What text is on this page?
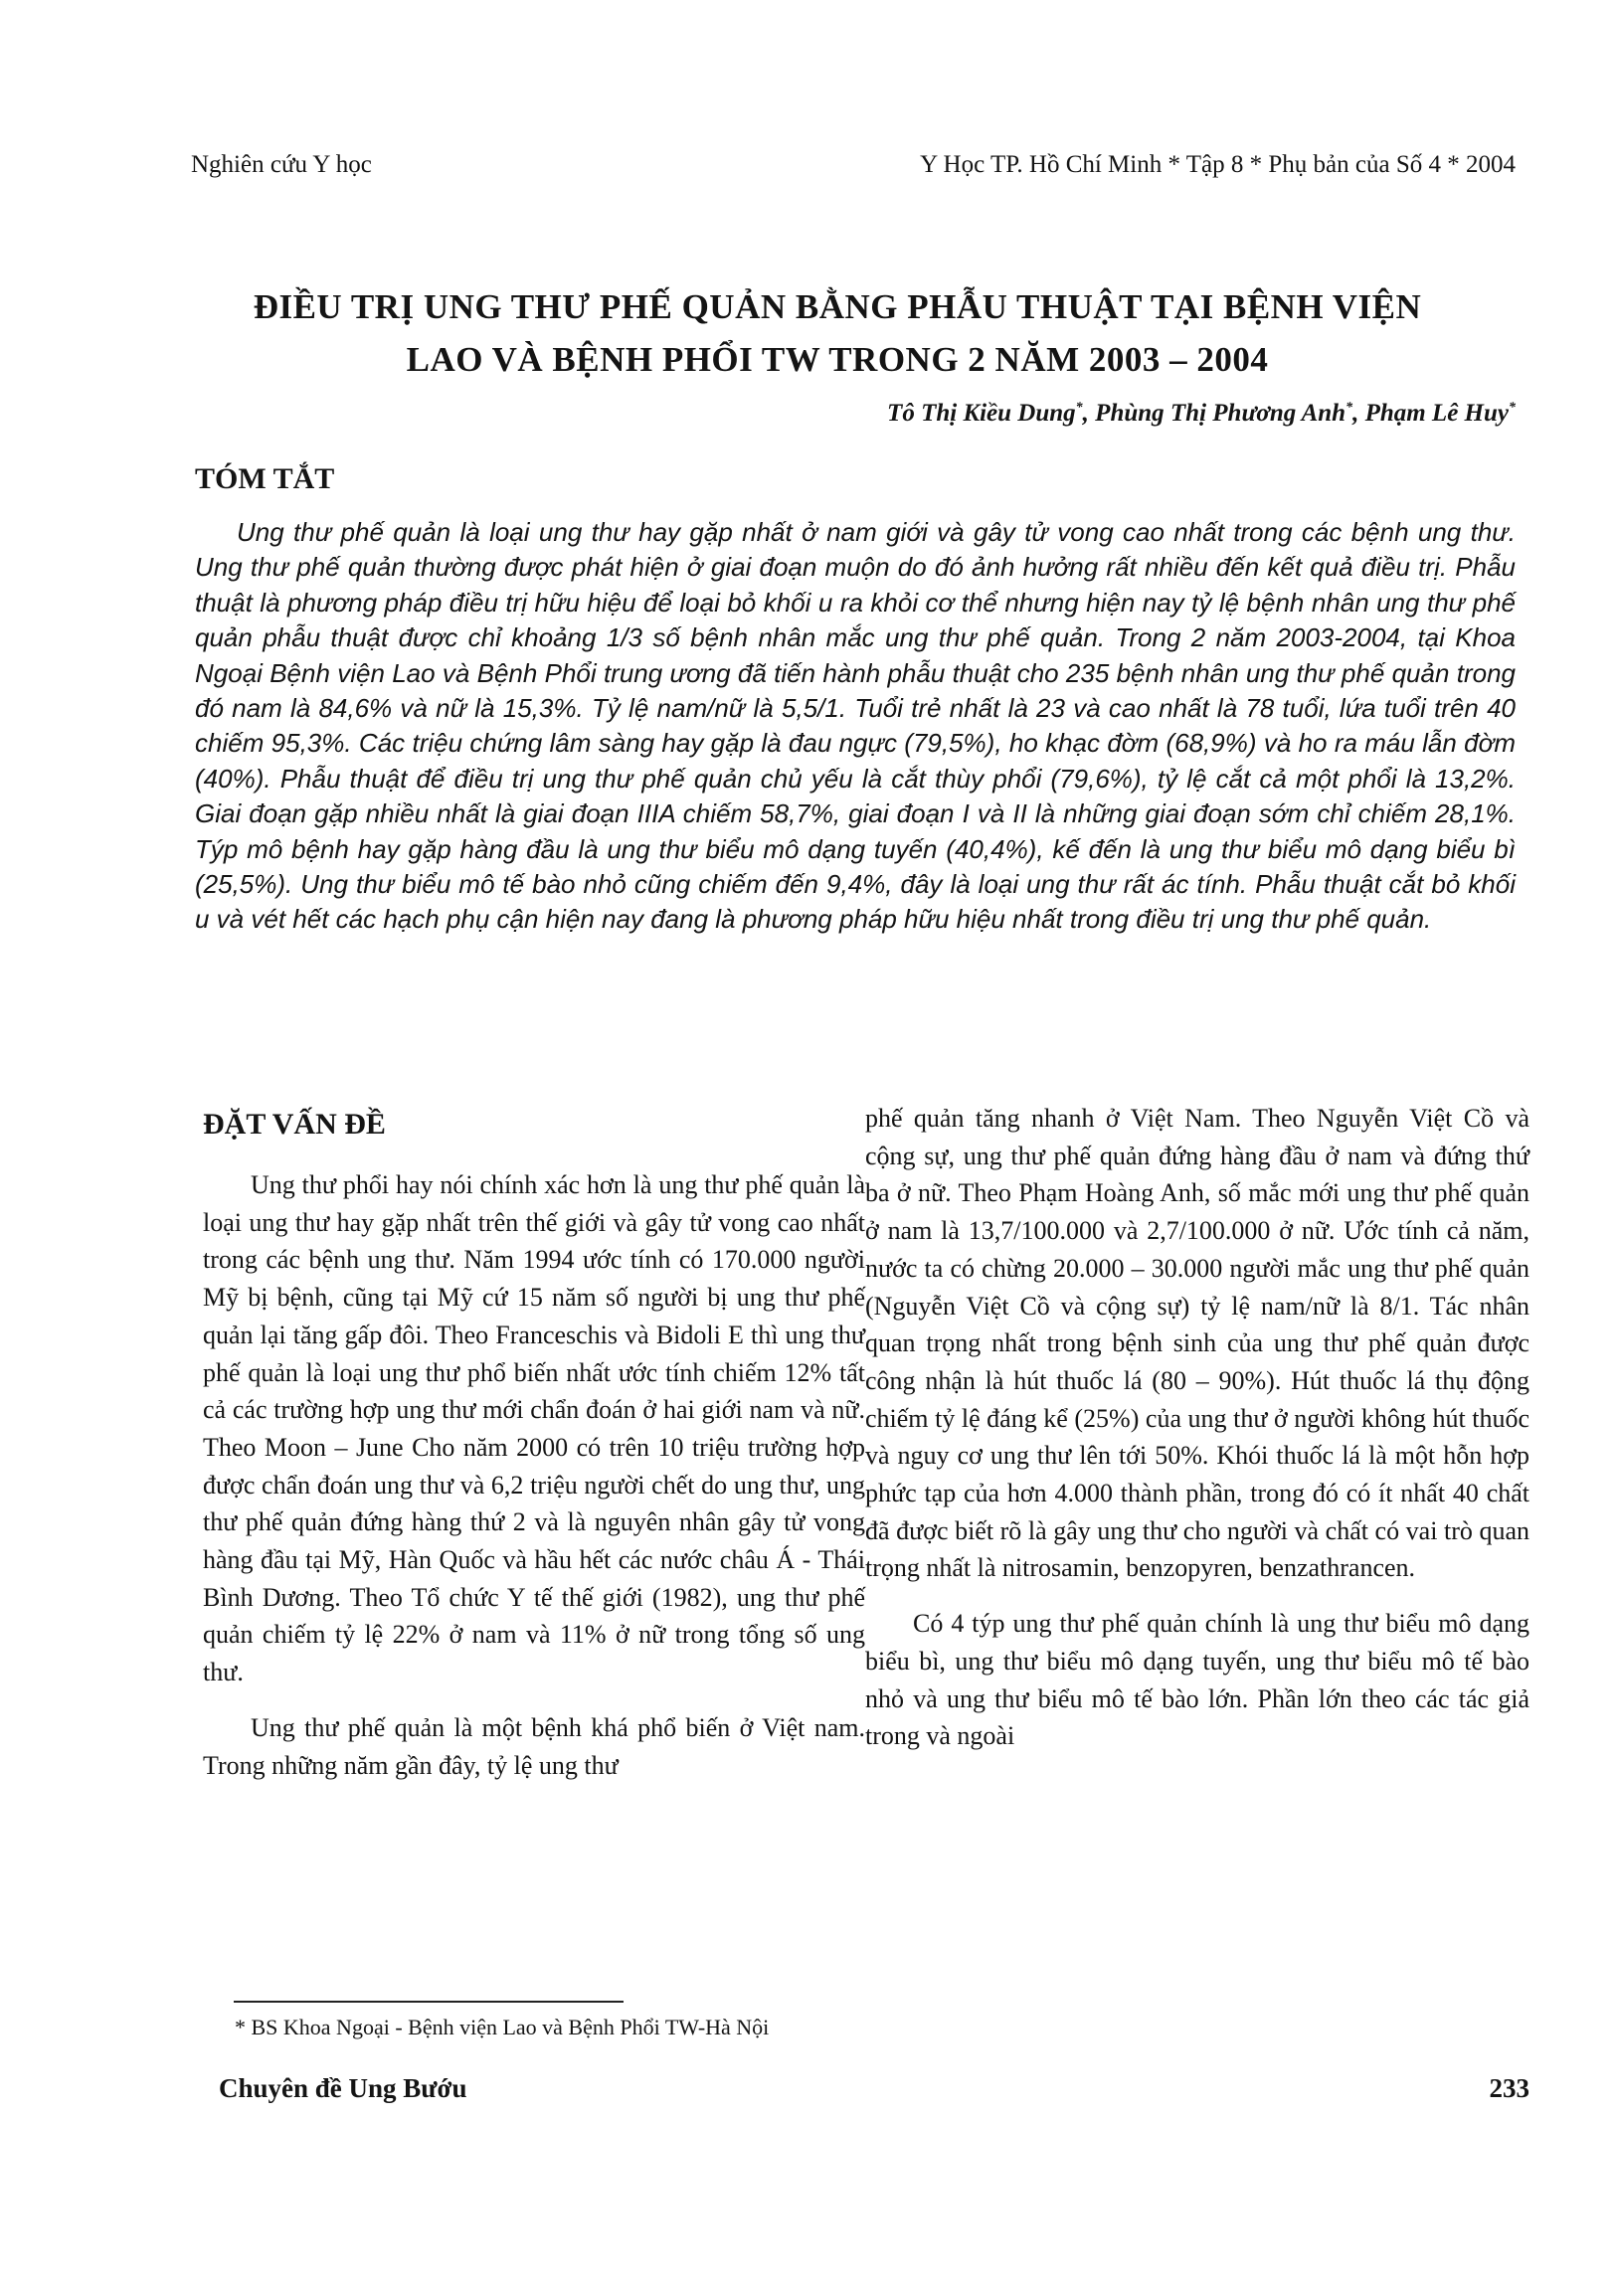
Nghiên cứu Y học	Y Học TP. Hồ Chí Minh * Tập 8 * Phụ bản của Số 4 * 2004
ĐIỀU TRỊ UNG THƯ PHẾ QUẢN BẰNG PHẪU THUẬT TẠI BỆNH VIỆN
LAO VÀ BỆNH PHỔI TW TRONG 2 NĂM 2003 – 2004
Tô Thị Kiều Dung*, Phùng Thị Phương Anh*, Phạm Lê Huy*
TÓM TẮT
Ung thư phế quản là loại ung thư hay gặp nhất ở nam giới và gây tử vong cao nhất trong các bệnh ung thư. Ung thư phế quản thường được phát hiện ở giai đoạn muộn do đó ảnh hưởng rất nhiều đến kết quả điều trị. Phẫu thuật là phương pháp điều trị hữu hiệu để loại bỏ khối u ra khỏi cơ thể nhưng hiện nay tỷ lệ bệnh nhân ung thư phế quản phẫu thuật được chỉ khoảng 1/3 số bệnh nhân mắc ung thư phế quản. Trong 2 năm 2003-2004, tại Khoa Ngoại Bệnh viện Lao và Bệnh Phổi trung ương đã tiến hành phẫu thuật cho 235 bệnh nhân ung thư phế quản trong đó nam là 84,6% và nữ là 15,3%. Tỷ lệ nam/nữ là 5,5/1. Tuổi trẻ nhất là 23 và cao nhất là 78 tuổi, lứa tuổi trên 40 chiếm 95,3%. Các triệu chứng lâm sàng hay gặp là đau ngực (79,5%), ho khạc đờm (68,9%) và ho ra máu lẫn đờm (40%). Phẫu thuật để điều trị ung thư phế quản chủ yếu là cắt thùy phổi (79,6%), tỷ lệ cắt cả một phổi là 13,2%. Giai đoạn gặp nhiều nhất là giai đoạn IIIA chiếm 58,7%, giai đoạn I và II là những giai đoạn sớm chỉ chiếm 28,1%. Týp mô bệnh hay gặp hàng đầu là ung thư biểu mô dạng tuyến (40,4%), kế đến là ung thư biểu mô dạng biểu bì (25,5%). Ung thư biểu mô tế bào nhỏ cũng chiếm đến 9,4%, đây là loại ung thư rất ác tính. Phẫu thuật cắt bỏ khối u và vét hết các hạch phụ cận hiện nay đang là phương pháp hữu hiệu nhất trong điều trị ung thư phế quản.
ĐẶT VẤN ĐỀ

Ung thư phổi hay nói chính xác hơn là ung thư phế quản là loại ung thư hay gặp nhất trên thế giới và gây tử vong cao nhất trong các bệnh ung thư. Năm 1994 ước tính có 170.000 người Mỹ bị bệnh, cũng tại Mỹ cứ 15 năm số người bị ung thư phế quản lại tăng gấp đôi. Theo Franceschis và Bidoli E thì ung thư phế quản là loại ung thư phổ biến nhất ước tính chiếm 12% tất cả các trường hợp ung thư mới chẩn đoán ở hai giới nam và nữ. Theo Moon – June Cho năm 2000 có trên 10 triệu trường hợp được chẩn đoán ung thư và 6,2 triệu người chết do ung thư, ung thư phế quản đứng hàng thứ 2 và là nguyên nhân gây tử vong hàng đầu tại Mỹ, Hàn Quốc và hầu hết các nước châu Á - Thái Bình Dương. Theo Tổ chức Y tế thế giới (1982), ung thư phế quản chiếm tỷ lệ 22% ở nam và 11% ở nữ trong tổng số ung thư.

Ung thư phế quản là một bệnh khá phổ biến ở Việt nam. Trong những năm gần đây, tỷ lệ ung thư

phế quản tăng nhanh ở Việt Nam. Theo Nguyễn Việt Cồ và cộng sự, ung thư phế quản đứng hàng đầu ở nam và đứng thứ ba ở nữ. Theo Phạm Hoàng Anh, số mắc mới ung thư phế quản ở nam là 13,7/100.000 và 2,7/100.000 ở nữ. Ước tính cả năm, nước ta có chừng 20.000 – 30.000 người mắc ung thư phế quản (Nguyễn Việt Cồ và cộng sự) tỷ lệ nam/nữ là 8/1. Tác nhân quan trọng nhất trong bệnh sinh của ung thư phế quản được công nhận là hút thuốc lá (80 – 90%). Hút thuốc lá thụ động chiếm tỷ lệ đáng kể (25%) của ung thư ở người không hút thuốc và nguy cơ ung thư lên tới 50%. Khói thuốc lá là một hỗn hợp phức tạp của hơn 4.000 thành phần, trong đó có ít nhất 40 chất đã được biết rõ là gây ung thư cho người và chất có vai trò quan trọng nhất là nitrosamin, benzopyren, benzathrancen.

Có 4 týp ung thư phế quản chính là ung thư biểu mô dạng biểu bì, ung thư biểu mô dạng tuyến, ung thư biểu mô tế bào nhỏ và ung thư biểu mô tế bào lớn. Phần lớn theo các tác giả trong và ngoài

* BS Khoa Ngoại - Bệnh viện Lao và Bệnh Phổi TW-Hà Nội
Chuyên đề Ung Bướu	233
